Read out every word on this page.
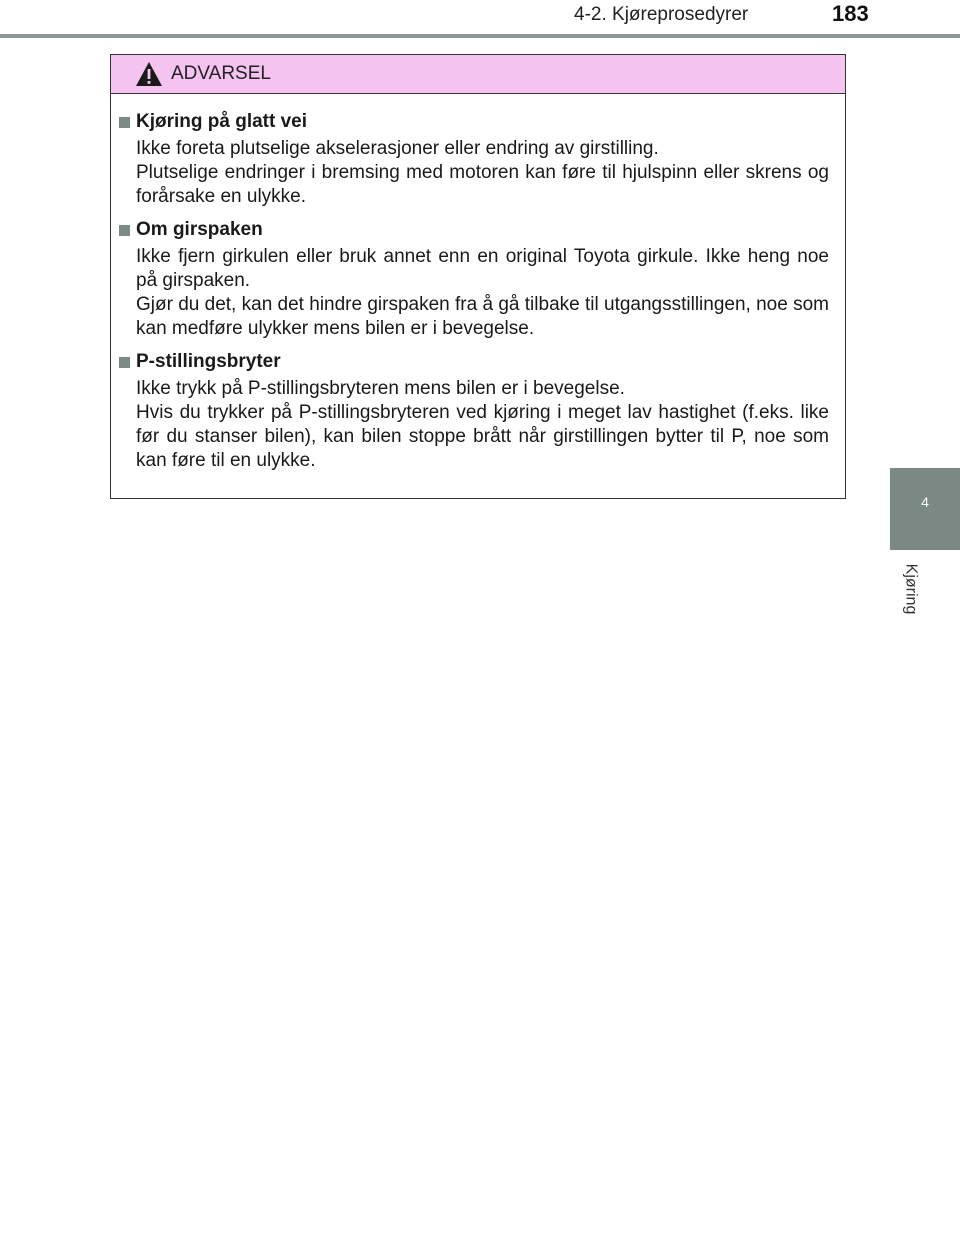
4-2. Kjøreprosedyrer	183
4
Kjøring
ADVARSEL
Kjøring på glatt vei

Ikke foreta plutselige akselerasjoner eller endring av girstilling.

Plutselige endringer i bremsing med motoren kan føre til hjulspinn eller skrens og forårsake en ulykke.

Om girspaken

Ikke fjern girkulen eller bruk annet enn en original Toyota girkule. Ikke heng noe på girspaken.

Gjør du det, kan det hindre girspaken fra å gå tilbake til utgangsstillingen, noe som kan medføre ulykker mens bilen er i bevegelse.

P-stillingsbryter

Ikke trykk på P-stillingsbryteren mens bilen er i bevegelse.

Hvis du trykker på P-stillingsbryteren ved kjøring i meget lav hastighet (f.eks. like før du stanser bilen), kan bilen stoppe brått når girstillingen bytter til P, noe som kan føre til en ulykke.
